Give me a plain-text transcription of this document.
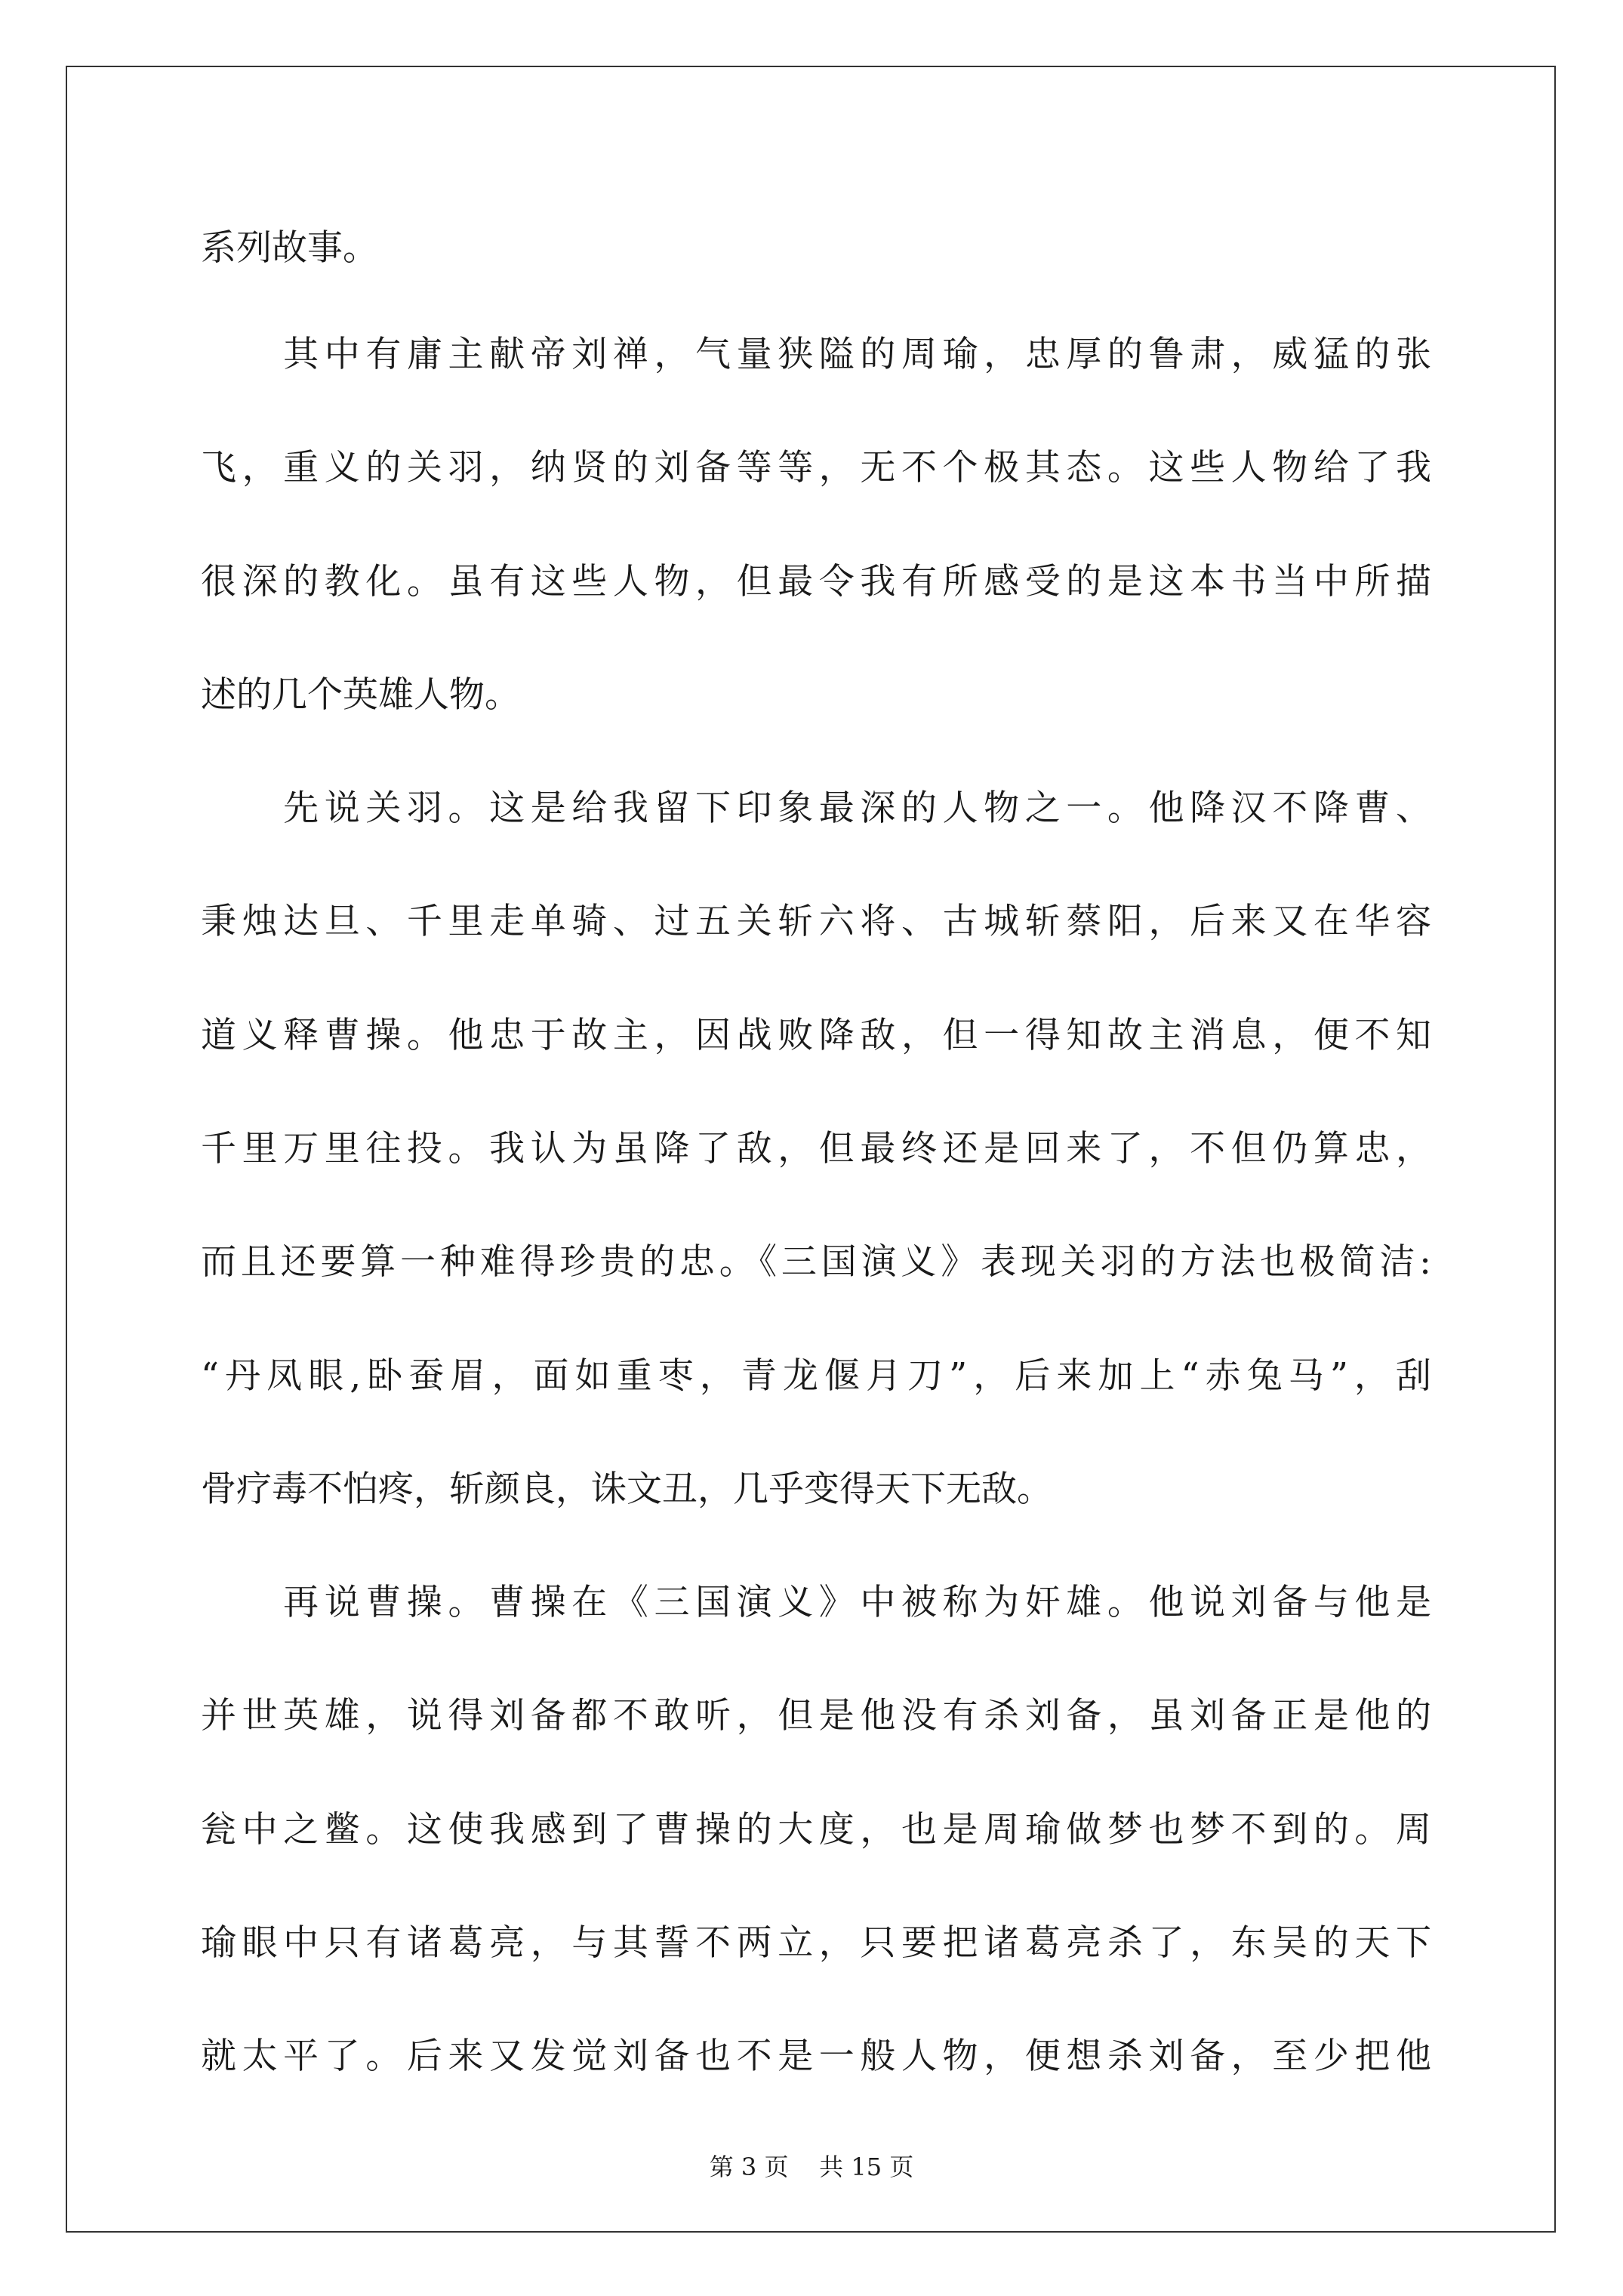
系列故事。
　　其中有庸主献帝刘禅，气量狭隘的周瑜，忠厚的鲁肃，威猛的张
飞，重义的关羽，纳贤的刘备等等，无不个极其态。这些人物给了我
很深的教化。虽有这些人物，但最令我有所感受的是这本书当中所描
述的几个英雄人物。
　　先说关羽。这是给我留下印象最深的人物之一。他降汉不降曹、
秉烛达旦、千里走单骑、过五关斩六将、古城斩蔡阳，后来又在华容
道义释曹操。他忠于故主，因战败降敌，但一得知故主消息，便不知
千里万里往投。我认为虽降了敌，但最终还是回来了，不但仍算忠，
而且还要算一种难得珍贵的忠。《三国演义》表现关羽的方法也极简洁:
“丹凤眼,卧蚕眉，面如重枣，青龙偃月刀”，后来加上“赤兔马”，刮
骨疗毒不怕疼，斩颜良，诛文丑，几乎变得天下无敌。
　　再说曹操。曹操在《三国演义》中被称为奸雄。他说刘备与他是
并世英雄，说得刘备都不敢听，但是他没有杀刘备，虽刘备正是他的
瓮中之鳖。这使我感到了曹操的大度，也是周瑜做梦也梦不到的。周
瑜眼中只有诸葛亮，与其誓不两立，只要把诸葛亮杀了，东吴的天下
就太平了。后来又发觉刘备也不是一般人物，便想杀刘备，至少把他
第 3 页 共 15 页
